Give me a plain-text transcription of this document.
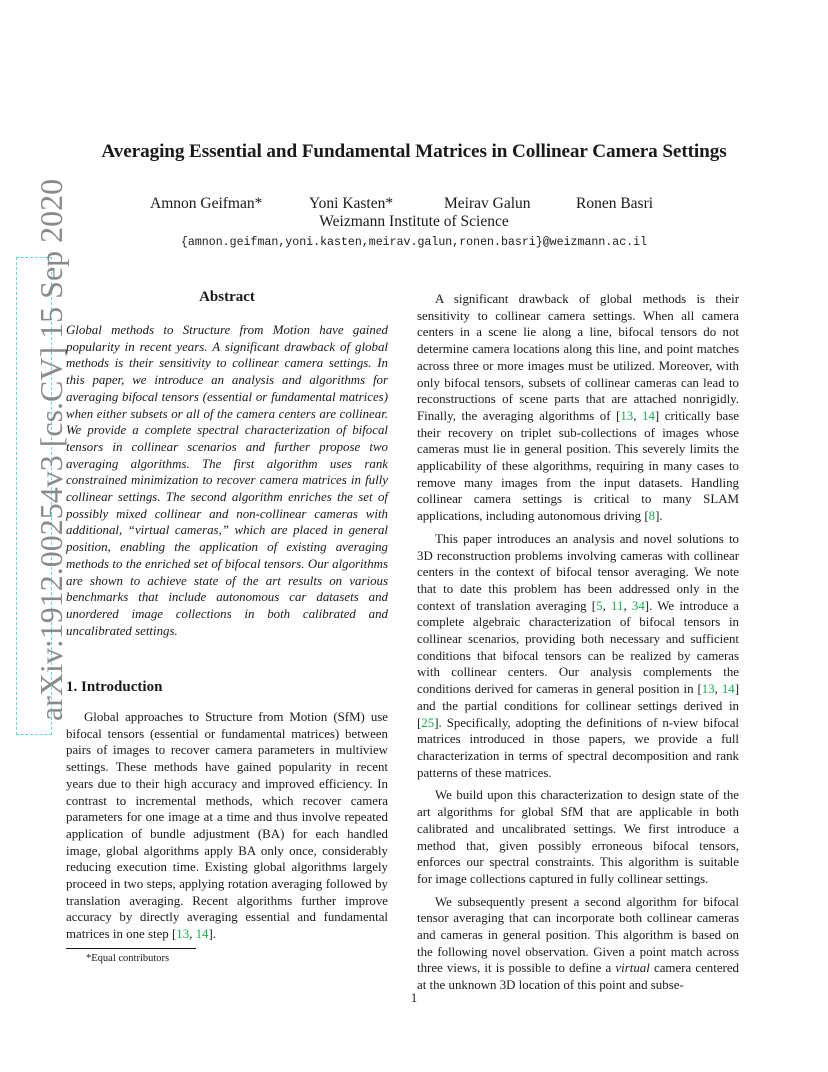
arXiv:1912.00254v3 [cs.CV] 15 Sep 2020
Averaging Essential and Fundamental Matrices in Collinear Camera Settings
Amnon Geifman*	Yoni Kasten*	Meirav Galun	Ronen Basri
Weizmann Institute of Science
{amnon.geifman,yoni.kasten,meirav.galun,ronen.basri}@weizmann.ac.il
Abstract

Global methods to Structure from Motion have gained popularity in recent years. A significant drawback of global methods is their sensitivity to collinear camera settings. In this paper, we introduce an analysis and algorithms for averaging bifocal tensors (essential or fundamental matrices) when either subsets or all of the camera centers are collinear. We provide a complete spectral characterization of bifocal tensors in collinear scenarios and further propose two averaging algorithms. The first algorithm uses rank constrained minimization to recover camera matrices in fully collinear settings. The second algorithm enriches the set of possibly mixed collinear and non-collinear cameras with additional, “virtual cameras,” which are placed in general position, enabling the application of existing averaging methods to the enriched set of bifocal tensors. Our algorithms are shown to achieve state of the art results on various benchmarks that include autonomous car datasets and unordered image collections in both calibrated and uncalibrated settings.

1. Introduction

Global approaches to Structure from Motion (SfM) use bifocal tensors (essential or fundamental matrices) between pairs of images to recover camera parameters in multiview settings. These methods have gained popularity in recent years due to their high accuracy and improved efficiency. In contrast to incremental methods, which recover camera parameters for one image at a time and thus involve repeated application of bundle adjustment (BA) for each handled image, global algorithms apply BA only once, considerably reducing execution time. Existing global algorithms largely proceed in two steps, applying rotation averaging followed by translation averaging. Recent algorithms further improve accuracy by directly averaging essential and fundamental matrices in one step [13, 14].

*Equal contributors

A significant drawback of global methods is their sensitivity to collinear camera settings. When all camera centers in a scene lie along a line, bifocal tensors do not determine camera locations along this line, and point matches across three or more images must be utilized. Moreover, with only bifocal tensors, subsets of collinear cameras can lead to reconstructions of scene parts that are attached nonrigidly. Finally, the averaging algorithms of [13, 14] critically base their recovery on triplet sub-collections of images whose cameras must lie in general position. This severely limits the applicability of these algorithms, requiring in many cases to remove many images from the input datasets. Handling collinear camera settings is critical to many SLAM applications, including autonomous driving [8].

This paper introduces an analysis and novel solutions to 3D reconstruction problems involving cameras with collinear centers in the context of bifocal tensor averaging. We note that to date this problem has been addressed only in the context of translation averaging [5, 11, 34]. We introduce a complete algebraic characterization of bifocal tensors in collinear scenarios, providing both necessary and sufficient conditions that bifocal tensors can be realized by cameras with collinear centers. Our analysis complements the conditions derived for cameras in general position in [13, 14] and the partial conditions for collinear settings derived in [25]. Specifically, adopting the definitions of n-view bifocal matrices introduced in those papers, we provide a full characterization in terms of spectral decomposition and rank patterns of these matrices.

We build upon this characterization to design state of the art algorithms for global SfM that are applicable in both calibrated and uncalibrated settings. We first introduce a method that, given possibly erroneous bifocal tensors, enforces our spectral constraints. This algorithm is suitable for image collections captured in fully collinear settings.

We subsequently present a second algorithm for bifocal tensor averaging that can incorporate both collinear cameras and cameras in general position. This algorithm is based on the following novel observation. Given a point match across three views, it is possible to define a virtual camera centered at the unknown 3D location of this point and subse-

1
